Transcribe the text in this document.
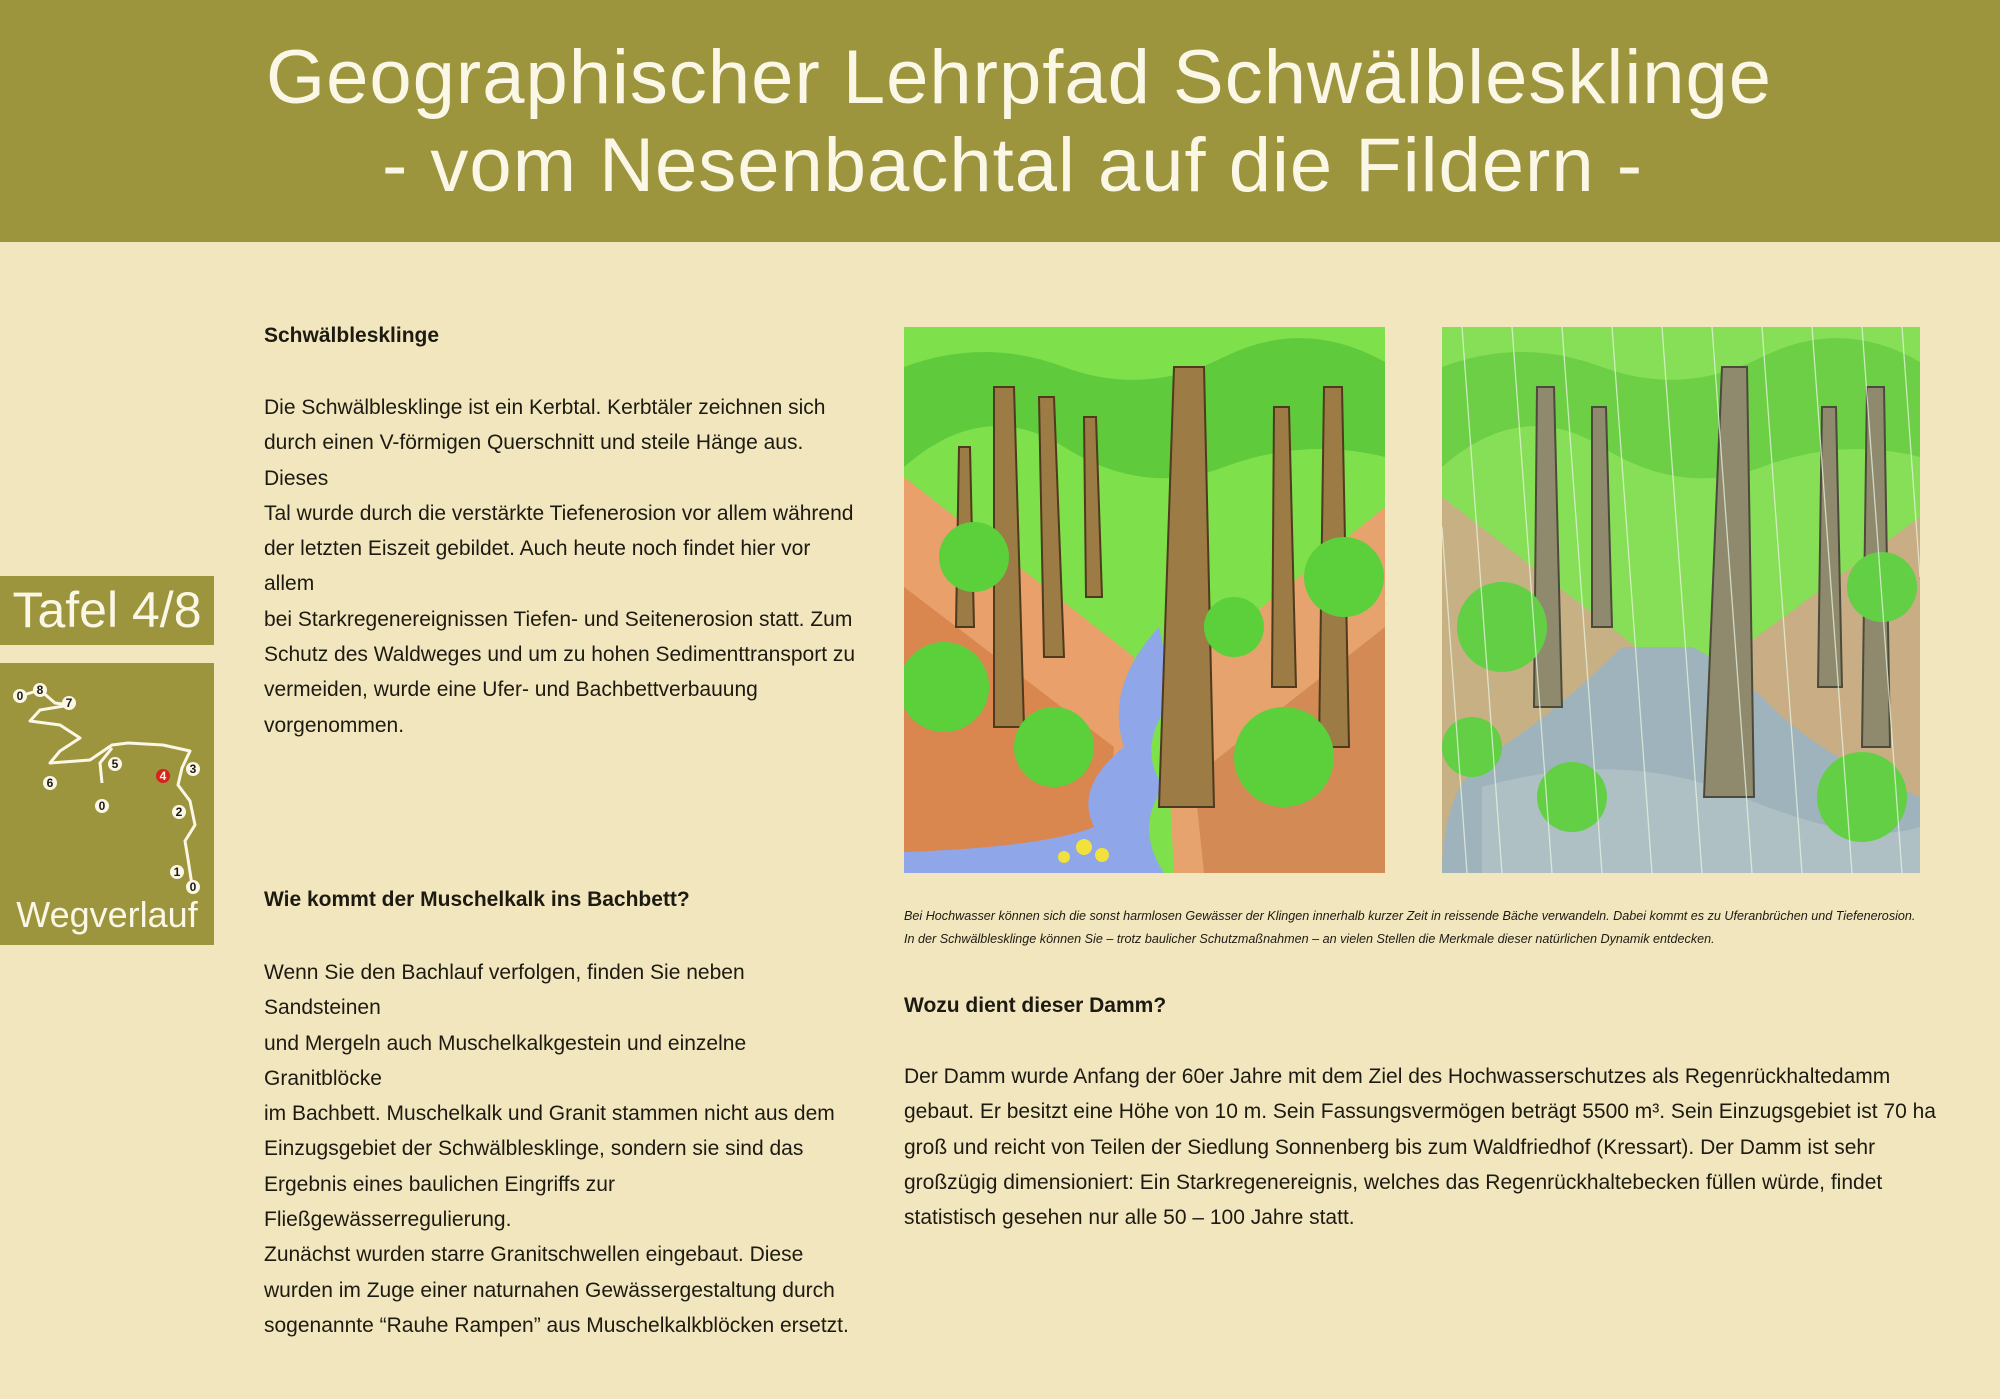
Geographischer Lehrpfad Schwälblesklinge
- vom Nesenbachtal auf die Fildern -
Tafel 4/8
0 8
7
6
5
4 3
0	2
1
0
Wegverlauf
Schwälblesklinge
Die Schwälblesklinge ist ein Kerbtal. Kerbtäler zeichnen sich
durch einen V-förmigen Querschnitt und steile Hänge aus. Dieses
Tal wurde durch die verstärkte Tiefenerosion vor allem während
der letzten Eiszeit gebildet. Auch heute noch findet hier vor allem
bei Starkregenereignissen Tiefen- und Seitenerosion statt. Zum
Schutz des Waldweges und um zu hohen Sedimenttransport zu
vermeiden, wurde eine Ufer- und Bachbettverbauung
vorgenommen.
Wie kommt der Muschelkalk ins Bachbett?
Wenn Sie den Bachlauf verfolgen, finden Sie neben Sandsteinen
und Mergeln auch Muschelkalkgestein und einzelne Granitblöcke
im Bachbett. Muschelkalk und Granit stammen nicht aus dem
Einzugsgebiet der Schwälblesklinge, sondern sie sind das
Ergebnis eines baulichen Eingriffs zur Fließgewässerregulierung.
Zunächst wurden starre Granitschwellen eingebaut. Diese
wurden im Zuge einer naturnahen Gewässergestaltung durch
sogenannte “Rauhe Rampen” aus Muschelkalkblöcken ersetzt.
Bei Hochwasser können sich die sonst harmlosen Gewässer der Klingen innerhalb kurzer Zeit in reissende Bäche verwandeln. Dabei kommt es zu Uferanbrüchen und Tiefenerosion.
In der Schwälblesklinge können Sie – trotz baulicher Schutzmaßnahmen – an vielen Stellen die Merkmale dieser natürlichen Dynamik entdecken.
Wozu dient dieser Damm?
Der Damm wurde Anfang der 60er Jahre mit dem Ziel des Hochwasserschutzes als Regenrückhaltedamm
gebaut. Er besitzt eine Höhe von 10 m. Sein Fassungsvermögen beträgt 5500 m³. Sein Einzugsgebiet ist 70 ha
groß und reicht von Teilen der Siedlung Sonnenberg bis zum Waldfriedhof (Kressart). Der Damm ist sehr
großzügig dimensioniert: Ein Starkregenereignis, welches das Regenrückhaltebecken füllen würde, findet
statistisch gesehen nur alle 50 – 100 Jahre statt.
